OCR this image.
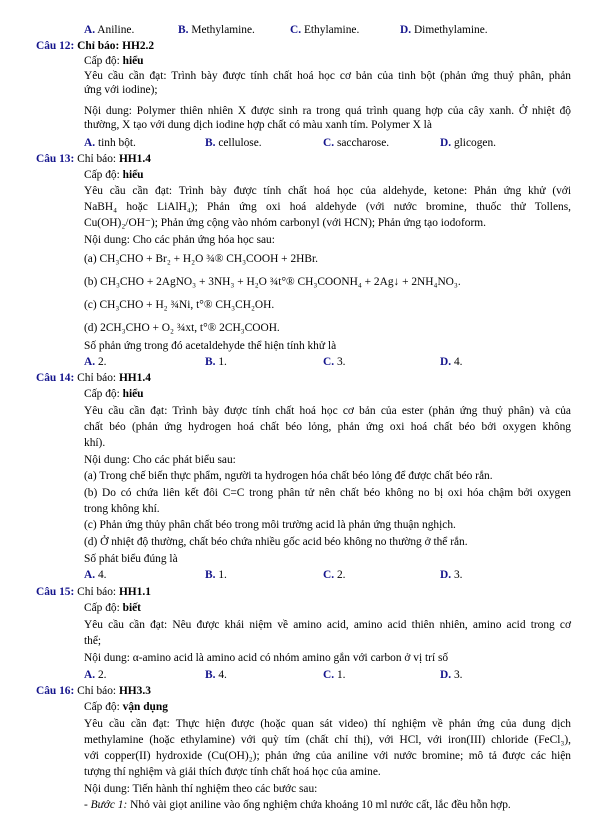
A. Aniline.	B. Methylamine.	C. Ethylamine.	D. Dimethylamine.
Câu 12: Chỉ báo: HH2.2
Cấp độ: hiểu
Yêu cầu cần đạt: Trình bày được tính chất hoá học cơ bản của tinh bột (phản ứng thuỷ phân, phản
ứng với iodine);
Nội dung: Polymer thiên nhiên X được sinh ra trong quá trình quang hợp của cây xanh. Ở nhiệt độ
thường, X tạo với dung dịch iodine hợp chất có màu xanh tím. Polymer X là
A. tinh bột.	B. cellulose.	C. saccharose.	D. glicogen.
Câu 13: Chỉ báo: HH1.4
Cấp độ: hiểu
Yêu cầu cần đạt: Trình bày được tính chất hoá học của aldehyde, ketone: Phản ứng khử (với
NaBH₄ hoặc LiAlH₄); Phản ứng oxi hoá aldehyde (với nước bromine, thuốc thử Tollens,
Cu(OH)₂/OH⁻); Phản ứng cộng vào nhóm carbonyl (với HCN); Phản ứng tạo iodoform.
Nội dung: Cho các phản ứng hóa học sau:
(a) CH₃CHO + Br₂ + H₂O ¾® CH₃COOH + 2HBr.
(b) CH₃CHO + 2AgNO₃ + 3NH₃ + H₂O ¾t°® CH₃COONH₄ + 2Ag↓ + 2NH₄NO₃.
(c) CH₃CHO + H₂ ¾Ni, t°® CH₃CH₂OH.
(d) 2CH₃CHO + O₂ ¾xt, t°® 2CH₃COOH.
Số phản ứng trong đó acetaldehyde thể hiện tính khử là
A. 2.	B. 1.	C. 3.	D. 4.
Câu 14: Chỉ báo: HH1.4
Cấp độ: hiểu
Yêu cầu cần đạt: Trình bày được tính chất hoá học cơ bản của ester (phản ứng thuỷ phân) và của
chất béo (phản ứng hydrogen hoá chất béo lỏng, phản ứng oxi hoá chất béo bởi oxygen không
khí).
Nội dung: Cho các phát biểu sau:
(a) Trong chế biến thực phẩm, người ta hydrogen hóa chất béo lỏng để được chất béo rắn.
(b) Do có chứa liên kết đôi C=C trong phân tử nên chất béo không no bị oxi hóa chậm bởi oxygen
trong không khí.
(c) Phản ứng thủy phân chất béo trong môi trường acid là phản ứng thuận nghịch.
(d) Ở nhiệt độ thường, chất béo chứa nhiều gốc acid béo không no thường ở thể rắn.
Số phát biểu đúng là
A. 4.	B. 1.	C. 2.	D. 3.
Câu 15: Chỉ báo: HH1.1
Cấp độ: biết
Yêu cầu cần đạt: Nêu được khái niệm về amino acid, amino acid thiên nhiên, amino acid trong cơ
thể;
Nội dung: α-amino acid là amino acid có nhóm amino gắn với carbon ở vị trí số
A. 2.	B. 4.	C. 1.	D. 3.
Câu 16: Chỉ báo: HH3.3
Cấp độ: vận dụng
Yêu cầu cần đạt: Thực hiện được (hoặc quan sát video) thí nghiệm về phản ứng của dung dịch
methylamine (hoặc ethylamine) với quỳ tím (chất chỉ thị), với HCl, với iron(III) chloride (FeCl₃),
với copper(II) hydroxide (Cu(OH)₂); phản ứng của aniline với nước bromine; mô tả được các hiện
tượng thí nghiệm và giải thích được tính chất hoá học của amine.
Nội dung: Tiến hành thí nghiệm theo các bước sau:
- Bước 1: Nhỏ vài giọt aniline vào ống nghiệm chứa khoảng 10 ml nước cất, lắc đều hỗn hợp.
